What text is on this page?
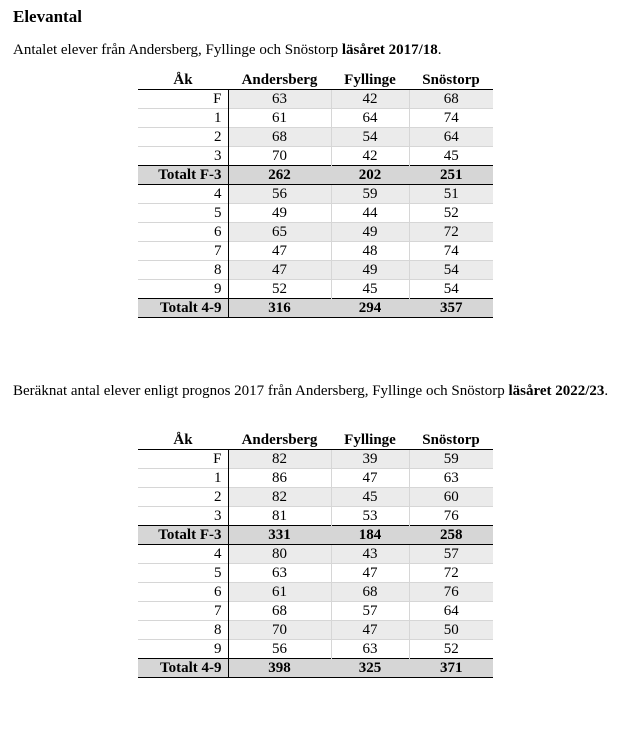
Elevantal

Antalet elever från Andersberg, Fyllinge och Snöstorp läsåret 2017/18.

Åk	Andersberg	Fyllinge	Snöstorp
F	63	42	68
1	61	64	74
2	68	54	64
3	70	42	45
Totalt F-3	262	202	251
4	56	59	51
5	49	44	52
6	65	49	72
7	47	48	74
8	47	49	54
9	52	45	54
Totalt 4-9	316	294	357

Beräknat antal elever enligt prognos 2017 från Andersberg, Fyllinge och Snöstorp läsåret 2022/23.

Åk	Andersberg	Fyllinge	Snöstorp
F	82	39	59
1	86	47	63
2	82	45	60
3	81	53	76
Totalt F-3	331	184	258
4	80	43	57
5	63	47	72
6	61	68	76
7	68	57	64
8	70	47	50
9	56	63	52
Totalt 4-9	398	325	371
